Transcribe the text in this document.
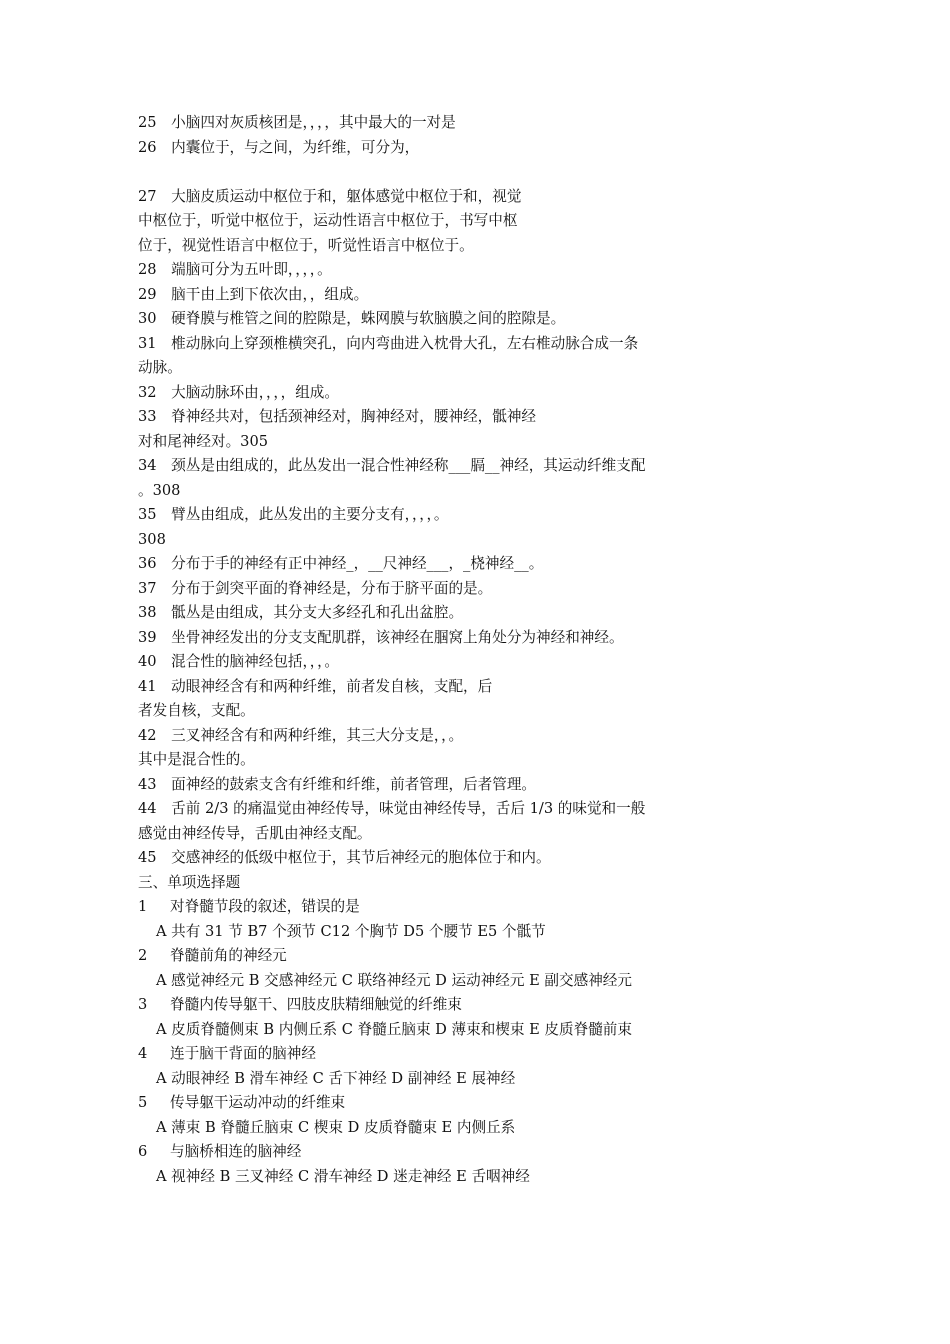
25　小脑四对灰质核团是，，，，其中最大的一对是
26　内囊位于，与之间，为纤维，可分为，
27　大脑皮质运动中枢位于和，躯体感觉中枢位于和，视觉
中枢位于，听觉中枢位于，运动性语言中枢位于，书写中枢
位于，视觉性语言中枢位于，听觉性语言中枢位于。
28　端脑可分为五叶即，，，，。
29　脑干由上到下依次由，，组成。
30　硬脊膜与椎管之间的腔隙是，蛛网膜与软脑膜之间的腔隙是。
31　椎动脉向上穿颈椎横突孔，向内弯曲进入枕骨大孔，左右椎动脉合成一条
动脉。
32　大脑动脉环由，，，，组成。
33　脊神经共对，包括颈神经对，胸神经对，腰神经，骶神经
对和尾神经对。305
34　颈丛是由组成的，此丛发出一混合性神经称___膈__神经，其运动纤维支配
。308
35　臂丛由组成，此丛发出的主要分支有，，，，。
308
36　分布于手的神经有正中神经_，__尺神经___，_桡神经__。
37　分布于剑突平面的脊神经是，分布于脐平面的是。
38　骶丛是由组成，其分支大多经孔和孔出盆腔。
39　坐骨神经发出的分支支配肌群，该神经在腘窝上角处分为神经和神经。
40　混合性的脑神经包括，，，。
41　动眼神经含有和两种纤维，前者发自核，支配，后
者发自核，支配。
42　三叉神经含有和两种纤维，其三大分支是，，。
其中是混合性的。
43　面神经的鼓索支含有纤维和纤维，前者管理，后者管理。
44　舌前 2/3 的痛温觉由神经传导，味觉由神经传导，舌后 1/3 的味觉和一般
感觉由神经传导，舌肌由神经支配。
45　交感神经的低级中枢位于，其节后神经元的胞体位于和内。
三、单项选择题
1 对脊髓节段的叙述，错误的是
A 共有 31 节 B7 个颈节 C12 个胸节 D5 个腰节 E5 个骶节
2 脊髓前角的神经元
A 感觉神经元 B 交感神经元 C 联络神经元 D 运动神经元 E 副交感神经元
3 脊髓内传导躯干、四肢皮肤精细触觉的纤维束
A 皮质脊髓侧束 B 内侧丘系 C 脊髓丘脑束 D 薄束和楔束 E 皮质脊髓前束
4 连于脑干背面的脑神经
A 动眼神经 B 滑车神经 C 舌下神经 D 副神经 E 展神经
5 传导躯干运动冲动的纤维束
A 薄束 B 脊髓丘脑束 C 楔束 D 皮质脊髓束 E 内侧丘系
6 与脑桥相连的脑神经
A 视神经 B 三叉神经 C 滑车神经 D 迷走神经 E 舌咽神经
